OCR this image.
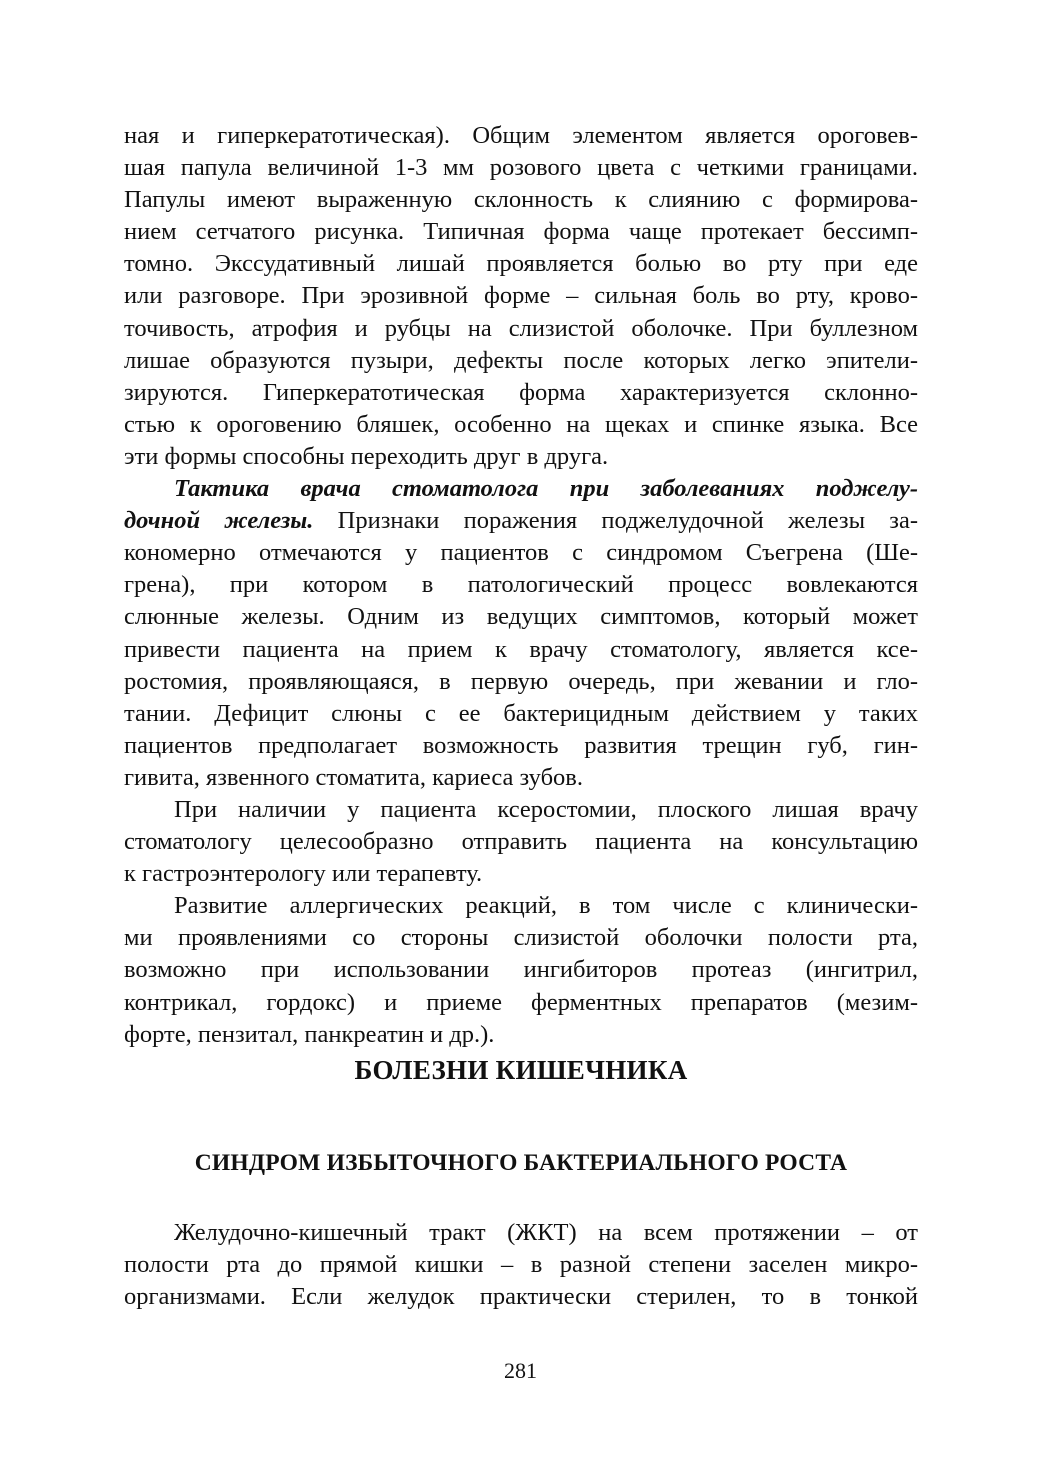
ная и гиперкератотическая). Общим элементом является ороговев-
шая папула величиной 1-3 мм розового цвета с четкими границами.
Папулы имеют выраженную склонность к слиянию с формирова-
нием сетчатого рисунка. Типичная форма чаще протекает бессимп-
томно. Экссудативный лишай проявляется болью во рту при еде
или разговоре. При эрозивной форме – сильная боль во рту, крово-
точивость, атрофия и рубцы на слизистой оболочке. При буллезном
лишае образуются пузыри, дефекты после которых легко эпители-
зируются. Гиперкератотическая форма характеризуется склонно-
стью к ороговению бляшек, особенно на щеках и спинке языка. Все
эти формы способны переходить друг в друга.
Тактика врача стоматолога при заболеваниях поджелу-
дочной железы. Признаки поражения поджелудочной железы за-
кономерно отмечаются у пациентов с синдромом Съегрена (Ше-
грена), при котором в патологический процесс вовлекаются
слюнные железы. Одним из ведущих симптомов, который может
привести пациента на прием к врачу стоматологу, является ксе-
ростомия, проявляющаяся, в первую очередь, при жевании и гло-
тании. Дефицит слюны с ее бактерицидным действием у таких
пациентов предполагает возможность развития трещин губ, гин-
гивита, язвенного стоматита, кариеса зубов.
При наличии у пациента ксеростомии, плоского лишая врачу
стоматологу целесообразно отправить пациента на консультацию
к гастроэнтерологу или терапевту.
Развитие аллергических реакций, в том числе с клинически-
ми проявлениями со стороны слизистой оболочки полости рта,
возможно при использовании ингибиторов протеаз (ингитрил,
контрикал, гордокс) и приеме ферментных препаратов (мезим-
форте, пензитал, панкреатин и др.).
БОЛЕЗНИ КИШЕЧНИКА
СИНДРОМ ИЗБЫТОЧНОГО БАКТЕРИАЛЬНОГО РОСТА
Желудочно-кишечный тракт (ЖКТ) на всем протяжении – от
полости рта до прямой кишки – в разной степени заселен микро-
организмами. Если желудок практически стерилен, то в тонкой
281
